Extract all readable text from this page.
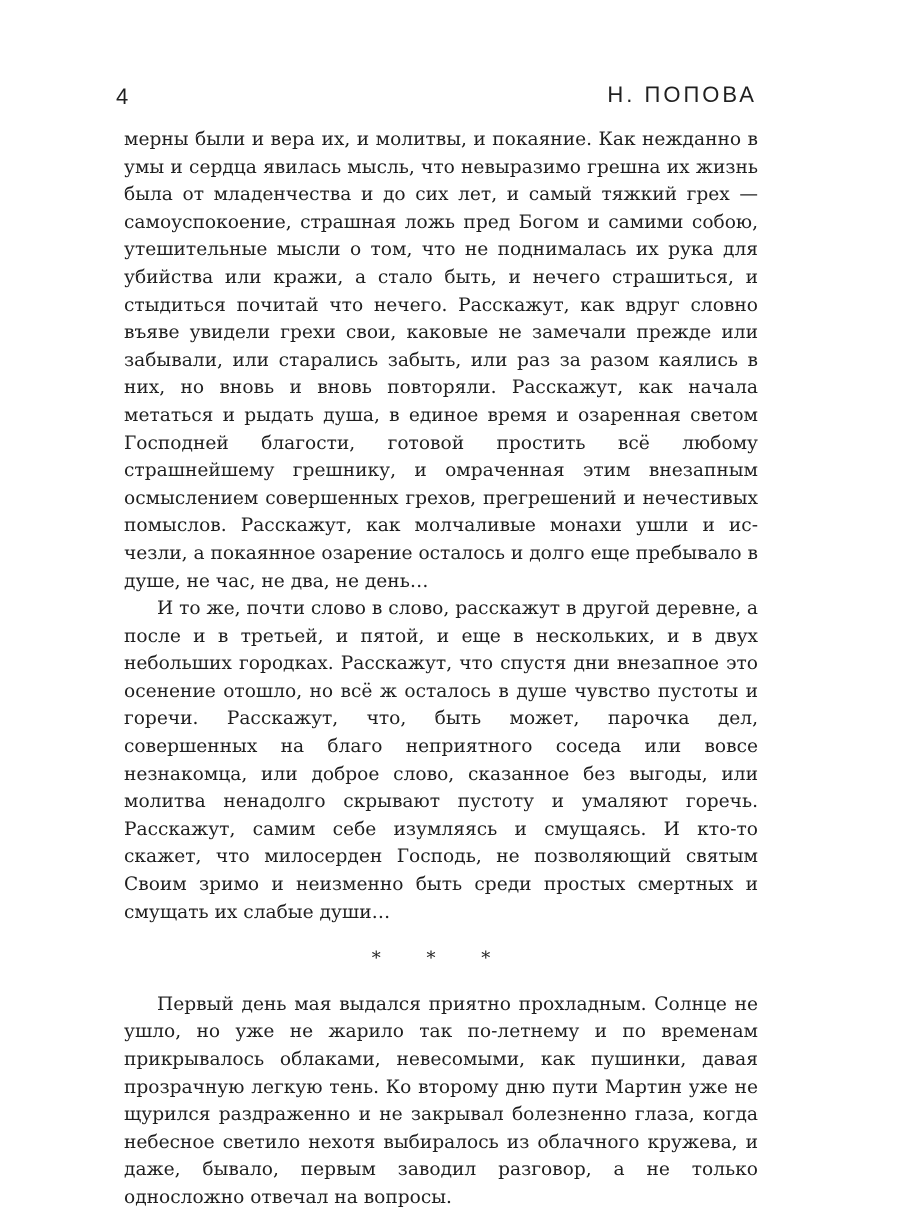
4	Н. ПОПОВА

мерны были и вера их, и молитвы, и покаяние. Как нежданно в умы и сердца явилась мысль, что невыразимо грешна их жизнь была от младенчества и до сих лет, и самый тяжкий грех — самоуспокоение, страшная ложь пред Богом и самими собою, утешительные мысли о том, что не поднималась их рука для убийства или кражи, а стало быть, и нечего страшиться, и стыдиться почитай что нечего. Расскажут, как вдруг словно въяве увидели грехи свои, каковые не замечали прежде или забывали, или старались забыть, или раз за разом каялись в них, но вновь и вновь повторяли. Расскажут, как начала метаться и рыдать душа, в единое время и озаренная светом Господней благости, готовой простить всё любому страшнейшему грешнику, и омраченная этим внезапным осмыслением совершенных грехов, прегрешений и нечестивых помыслов. Расскажут, как молчаливые монахи ушли и исчезли, а покаянное озарение осталось и долго еще пребывало в душе, не час, не два, не день…

И то же, почти слово в слово, расскажут в другой деревне, а после и в третьей, и пятой, и еще в нескольких, и в двух небольших городках. Расскажут, что спустя дни внезапное это осенение отошло, но всё ж осталось в душе чувство пустоты и горечи. Расскажут, что, быть может, парочка дел, совершенных на благо неприятного соседа или вовсе незнакомца, или доброе слово, сказанное без выгоды, или молитва ненадолго скрывают пустоту и умаляют горечь. Расскажут, самим себе изумляясь и смущаясь. И кто-то скажет, что милосерден Господь, не позволяющий святым Своим зримо и неизменно быть среди простых смертных и смущать их слабые души…

* * *

Первый день мая выдался приятно прохладным. Солнце не ушло, но уже не жарило так по-летнему и по временам прикрывалось облаками, невесомыми, как пушинки, давая прозрачную легкую тень. Ко второму дню пути Мартин уже не щурился раздраженно и не закрывал болезненно глаза, когда небесное светило нехотя выбиралось из облачного кружева, и даже, бывало, первым заводил разговор, а не только односложно отвечал на вопросы.
